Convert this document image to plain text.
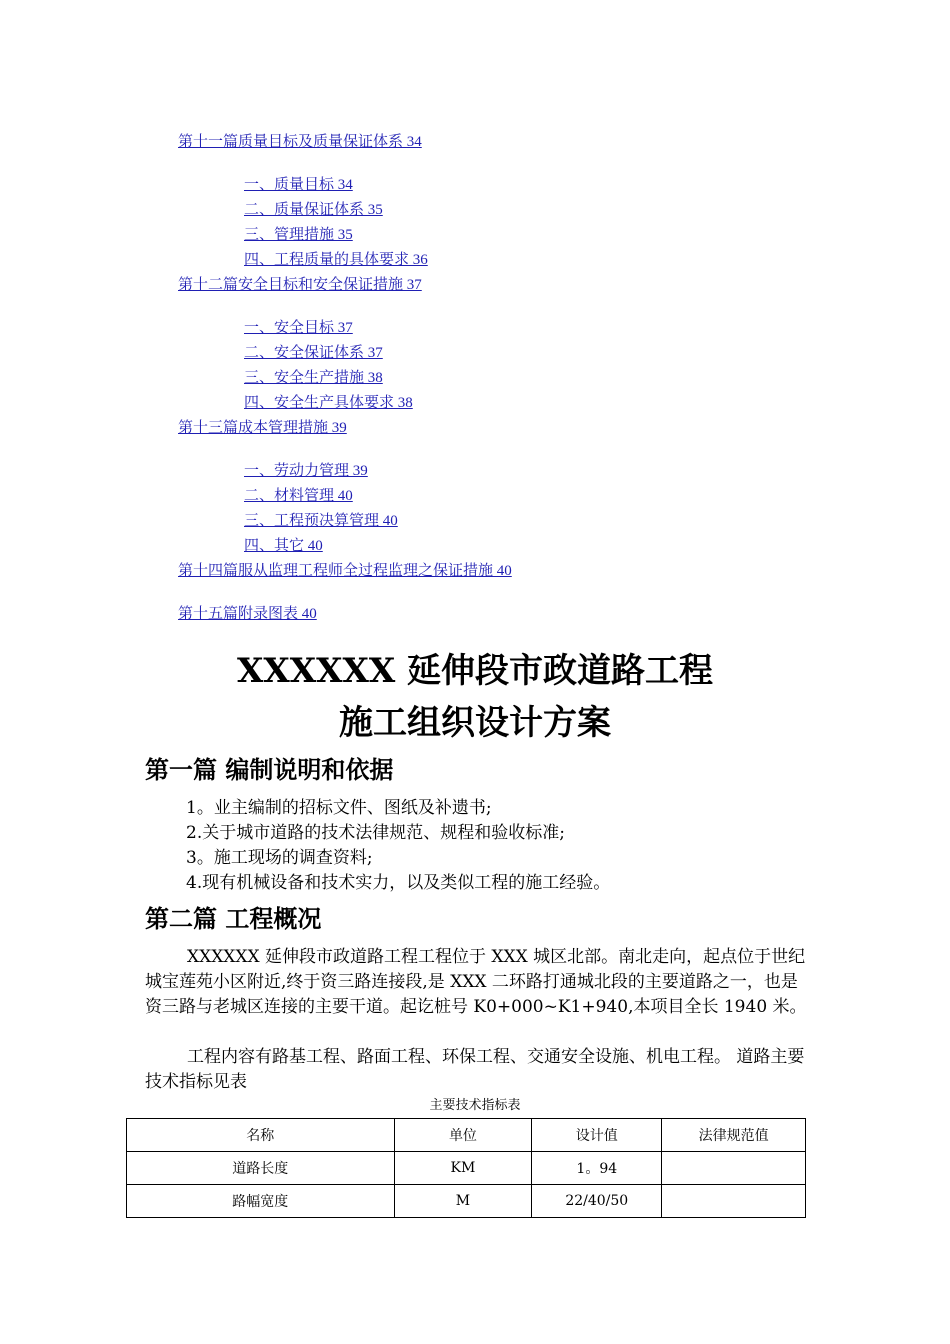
第十一篇质量目标及质量保证体系 34
一、质量目标 34
二、质量保证体系 35
三、管理措施 35
四、工程质量的具体要求 36
第十二篇安全目标和安全保证措施 37
一、安全目标 37
二、安全保证体系 37
三、安全生产措施 38
四、安全生产具体要求 38
第十三篇成本管理措施 39
一、劳动力管理 39
二、材料管理 40
三、工程预决算管理 40
四、其它 40
第十四篇服从监理工程师全过程监理之保证措施 40
第十五篇附录图表 40
XXXXXX 延伸段市政道路工程
施工组织设计方案
第一篇 编制说明和依据
1。业主编制的招标文件、图纸及补遗书;
2.关于城市道路的技术法律规范、规程和验收标准;
3。施工现场的调查资料;
4.现有机械设备和技术实力，以及类似工程的施工经验。
第二篇 工程概况
XXXXXX 延伸段市政道路工程工程位于 XXX 城区北部。南北走向，起点位于世纪城宝莲苑小区附近,终于资三路连接段,是 XXX 二环路打通城北段的主要道路之一，也是资三路与老城区连接的主要干道。起讫桩号 K0+000~K1+940,本项目全长 1940 米。
工程内容有路基工程、路面工程、环保工程、交通安全设施、机电工程。 道路主要技术指标见表
主要技术指标表
名称	单位	设计值	法律规范值
道路长度	KM	1。94	
路幅宽度	M	22/40/50	
